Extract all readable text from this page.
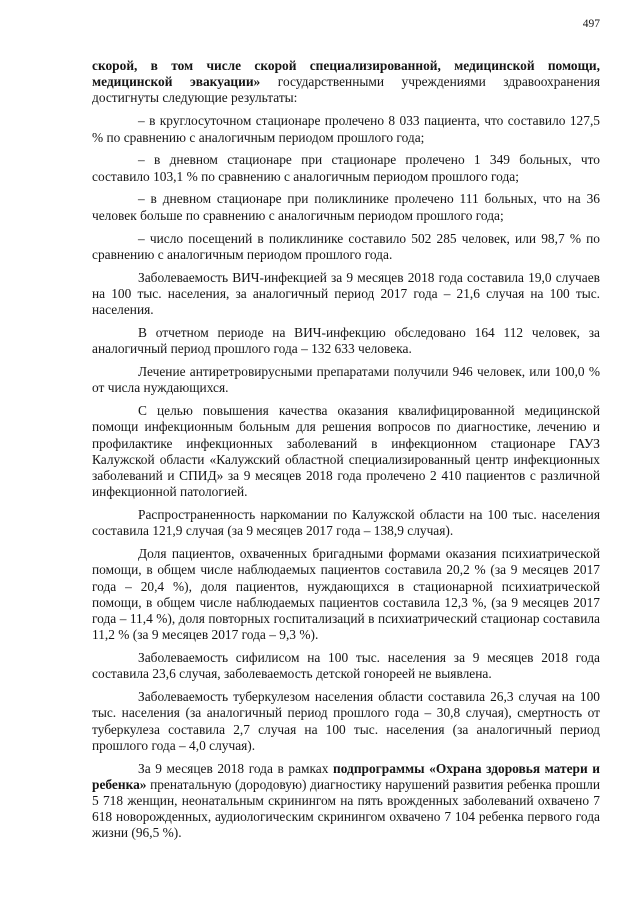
497

скорой, в том числе скорой специализированной, медицинской помощи, медицинской эвакуации» государственными учреждениями здравоохранения достигнуты следующие результаты:

– в круглосуточном стационаре пролечено 8 033 пациента, что составило 127,5 % по сравнению с аналогичным периодом прошлого года;

– в дневном стационаре при стационаре пролечено 1 349 больных, что составило 103,1 % по сравнению с аналогичным периодом прошлого года;

– в дневном стационаре при поликлинике пролечено 111 больных, что на 36 человек больше по сравнению с аналогичным периодом прошлого года;

– число посещений в поликлинике составило 502 285 человек, или 98,7 % по сравнению с аналогичным периодом прошлого года.

Заболеваемость ВИЧ-инфекцией за 9 месяцев 2018 года составила 19,0 случаев на 100 тыс. населения, за аналогичный период 2017 года – 21,6 случая на 100 тыс. населения.

В отчетном периоде на ВИЧ-инфекцию обследовано 164 112 человек, за аналогичный период прошлого года – 132 633 человека.

Лечение антиретровирусными препаратами получили 946 человек, или 100,0 % от числа нуждающихся.

С целью повышения качества оказания квалифицированной медицинской помощи инфекционным больным для решения вопросов по диагностике, лечению и профилактике инфекционных заболеваний в инфекционном стационаре ГАУЗ Калужской области «Калужский областной специализированный центр инфекционных заболеваний и СПИД» за 9 месяцев 2018 года пролечено 2 410 пациентов с различной инфекционной патологией.

Распространенность наркомании по Калужской области на 100 тыс. населения составила 121,9 случая (за 9 месяцев 2017 года – 138,9 случая).

Доля пациентов, охваченных бригадными формами оказания психиатрической помощи, в общем числе наблюдаемых пациентов составила 20,2 % (за 9 месяцев 2017 года – 20,4 %), доля пациентов, нуждающихся в стационарной психиатрической помощи, в общем числе наблюдаемых пациентов составила 12,3 %, (за 9 месяцев 2017 года – 11,4 %), доля повторных госпитализаций в психиатрический стационар составила 11,2 % (за 9 месяцев 2017 года – 9,3 %).

Заболеваемость сифилисом на 100 тыс. населения за 9 месяцев 2018 года составила 23,6 случая, заболеваемость детской гонореей не выявлена.

Заболеваемость туберкулезом населения области составила 26,3 случая на 100 тыс. населения (за аналогичный период прошлого года – 30,8 случая), смертность от туберкулеза составила 2,7 случая на 100 тыс. населения (за аналогичный период прошлого года – 4,0 случая).

За 9 месяцев 2018 года в рамках подпрограммы «Охрана здоровья матери и ребенка» пренатальную (дородовую) диагностику нарушений развития ребенка прошли 5 718 женщин, неонатальным скринингом на пять врожденных заболеваний охвачено 7 618 новорожденных, аудиологическим скринингом охвачено 7 104 ребенка первого года жизни (96,5 %).
